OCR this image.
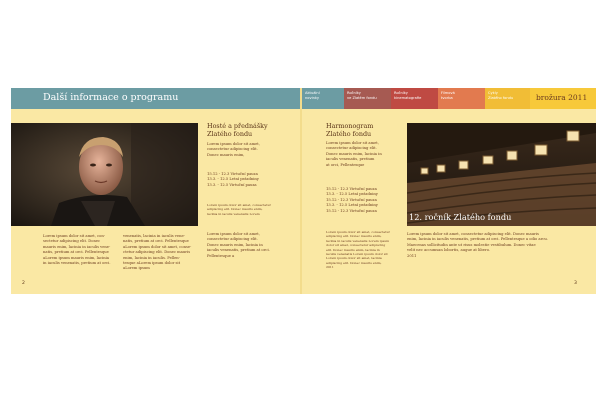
Další informace o programu	Aktuální
novinky
Ročníky
ve Zlatém fondu
Ročníky
kinematografie
Filmová
tvorba
Cykly
Zlatého fondu	brožura 2011
Lorem ipsum dolor sit amet, con-
sectetur adipiscing elit. Donec
mauris enim, lacinia in iaculis vene-
natis, pretium at orci. Pellentesque
aLorem ipsum mauris enim, lacinia
in iaculis venenatis, pretium at orci.
venenatis, lacinia in iaculis vene-
natis, pretium at orci. Pellentesque
aLorem ipsum dolor sit amet, conse-
ctetur adipiscing elit. Donec mauris
enim, lacinia in iaculis. Pellen-
tesque aLorem ipsum dolor sit
aLorem ipsum
Hosté a přednášky
Zlatého fondu
Lorem ipsum dolor sit amet,
consectetur adipiscing elit.
Donec mauris enim,
15.12 - 12.3 Virtuční pauza
13.3. - 12.5 Letní prázdniny
13.3. - 12.5 Virtuční pauza
Lorem ipsum dolor sit amet, consectetur
adipiscing elit. Donec mauris enim,
lacinia in iaculis venenatis Lorem
Lorem ipsum dolor sit amet,
consectetur adipiscing elit.
Donec mauris enim, lacinia in
iaculis venenatis, pretium at orci.
Pellentesque a
2
Harmonogram
Zlatého fondu
Lorem ipsum dolor sit amet,
consectetur adipiscing elit.
Donec mauris enim, lacinia in
iaculis venenatis, pretium
at orci, Pellentesque
15.12 - 12.3 Virtuční pauza
13.3. - 12.5 Letní prázdniny
15.12 - 12.3 Virtuční pauza
13.3. - 12.5 Letní prázdniny
15.12 - 12.3 Virtuční pauza
Lorem ipsum dolor sit amet, consectetur
adipiscing elit. Donec mauris enim,
lacinia in iaculis venenatis Lorem ipsum
dolor sit amet, consectetur adipiscing
elit. Donec mauris enim, lacinia in
iaculis venenatis Lorem ipsum dolor sit
Lorem ipsum dolor sit amet, lacinia
adipiscing elit. Donec mauris enim,
2011
12. ročník Zlatého fondu
Lorem ipsum dolor sit amet, consectetur adipiscing elit. Donec mauris
enim, lacinia in iaculis venenatis, pretium at orci. Pellentesque a odio arcu.
Maecenas sollicitudin ante ut risus molestie vestibulum. Donec vitae
velit nec accumsan lobortis, augue at libero.
2011
3
